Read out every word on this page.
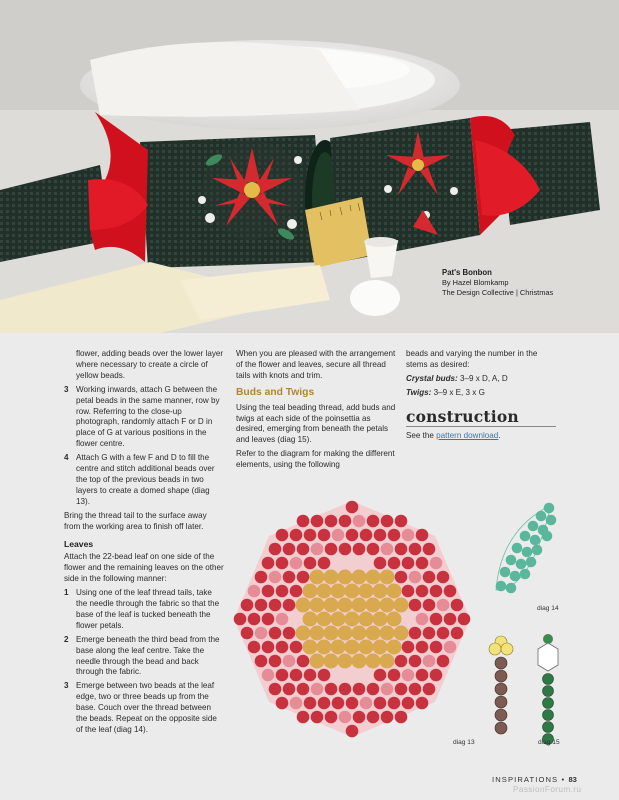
Pat's Bonbon
By Hazel Blomkamp
The Design Collective | Christmas

flower, adding beads over the lower layer where necessary to create a circle of yellow beads.

3 Working inwards, attach G between the petal beads in the same manner, row by row. Referring to the close-up photograph, randomly attach F or D in place of G at various positions in the flower centre.
4 Attach G with a few F and D to fill the centre and stitch additional beads over the top of the previous beads in two layers to create a domed shape (diag 13).

Bring the thread tail to the surface away from the working area to finish off later.

Leaves

Attach the 22-bead leaf on one side of the flower and the remaining leaves on the other side in the following manner:

1 Using one of the leaf thread tails, take the needle through the fabric so that the base of the leaf is tucked beneath the flower petals.
2 Emerge beneath the third bead from the base along the leaf centre. Take the needle through the bead and back through the fabric.
3 Emerge between two beads at the leaf edge, two or three beads up from the base. Couch over the thread between the beads. Repeat on the opposite side of the leaf (diag 14).

When you are pleased with the arrangement of the flower and leaves, secure all thread tails with knots and trim.

Buds and Twigs

Using the teal beading thread, add buds and twigs at each side of the poinsettia as desired, emerging from beneath the petals and leaves (diag 15).

Refer to the diagram for making the different elements, using the following

beads and varying the number in the stems as desired:

Crystal buds: 3–9 x D, A, D

Twigs: 3–9 x E, 3 x G

construction

See the pattern download.

diag 14
diag 13	diag 15
INSPIRATIONS • 83
PassionForum.ru
